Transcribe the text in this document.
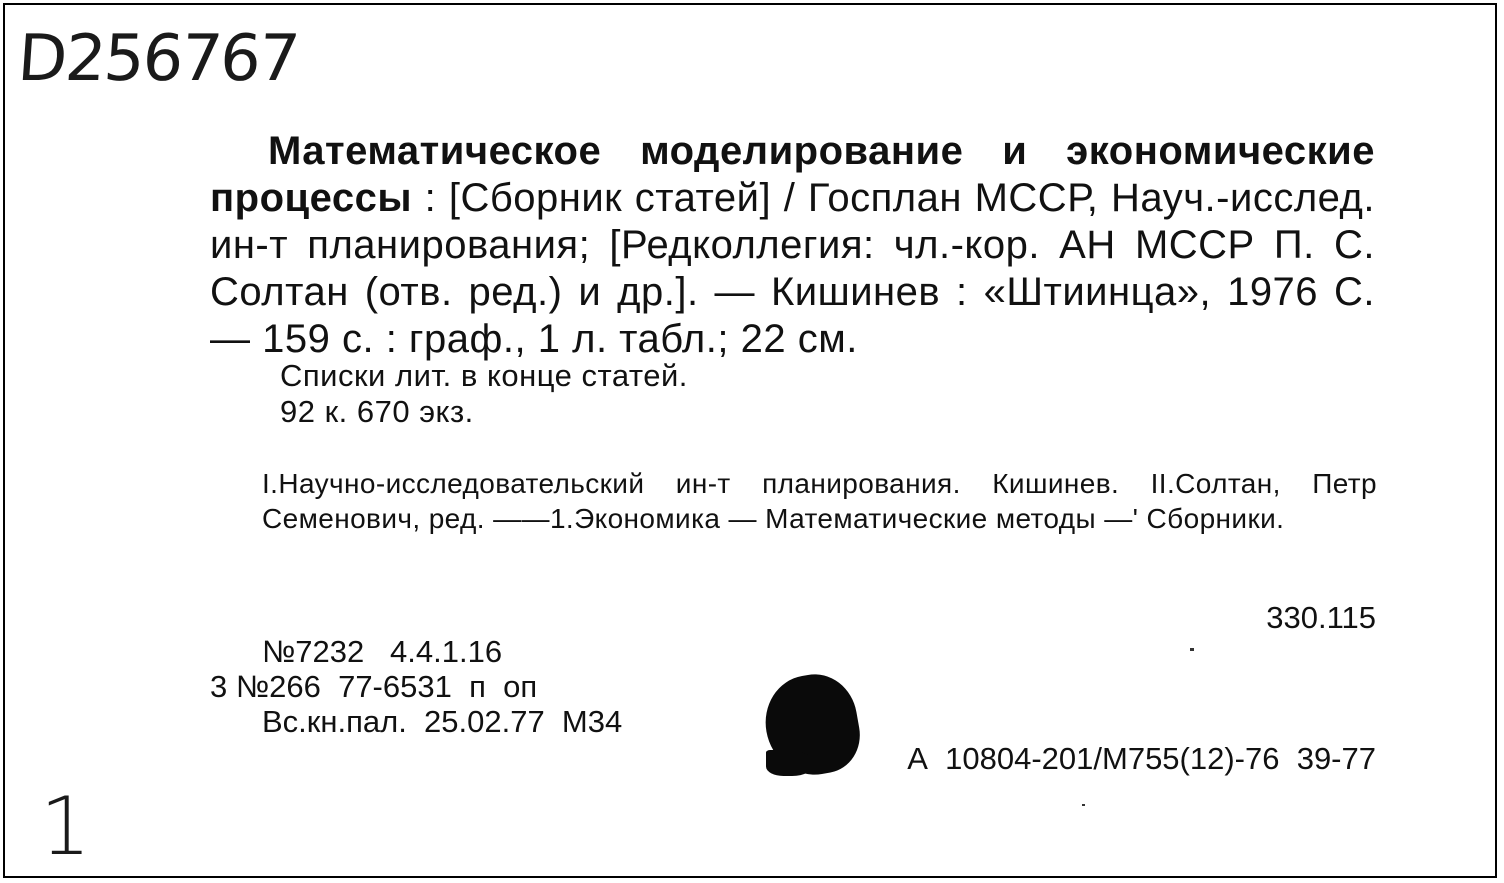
D256767
Математическое моделирование и экономические процессы : [Сборник статей] / Госплан МССР, Науч.-исслед. ин-т планирования; [Редколлегия: чл.-кор. АН МССР П. С. Солтан (отв. ред.) и др.]. — Кишинев : «Штиинца», 1976 С. — 159 с. : граф., 1 л. табл.; 22 см.
Списки лит. в конце статей.
92 к. 670 экз.
I.Научно-исследовательский ин-т планирования. Кишинев. II.Солтан, Петр Семенович, ред. ——1.Экономика — Математические методы —' Сборники.
330.115
№7232   4.4.1.16
3 №266  77-6531  п  оп
Вс.кн.пал.  25.02.77  М34
А  10804-201/М755(12)-76  39-77
1
